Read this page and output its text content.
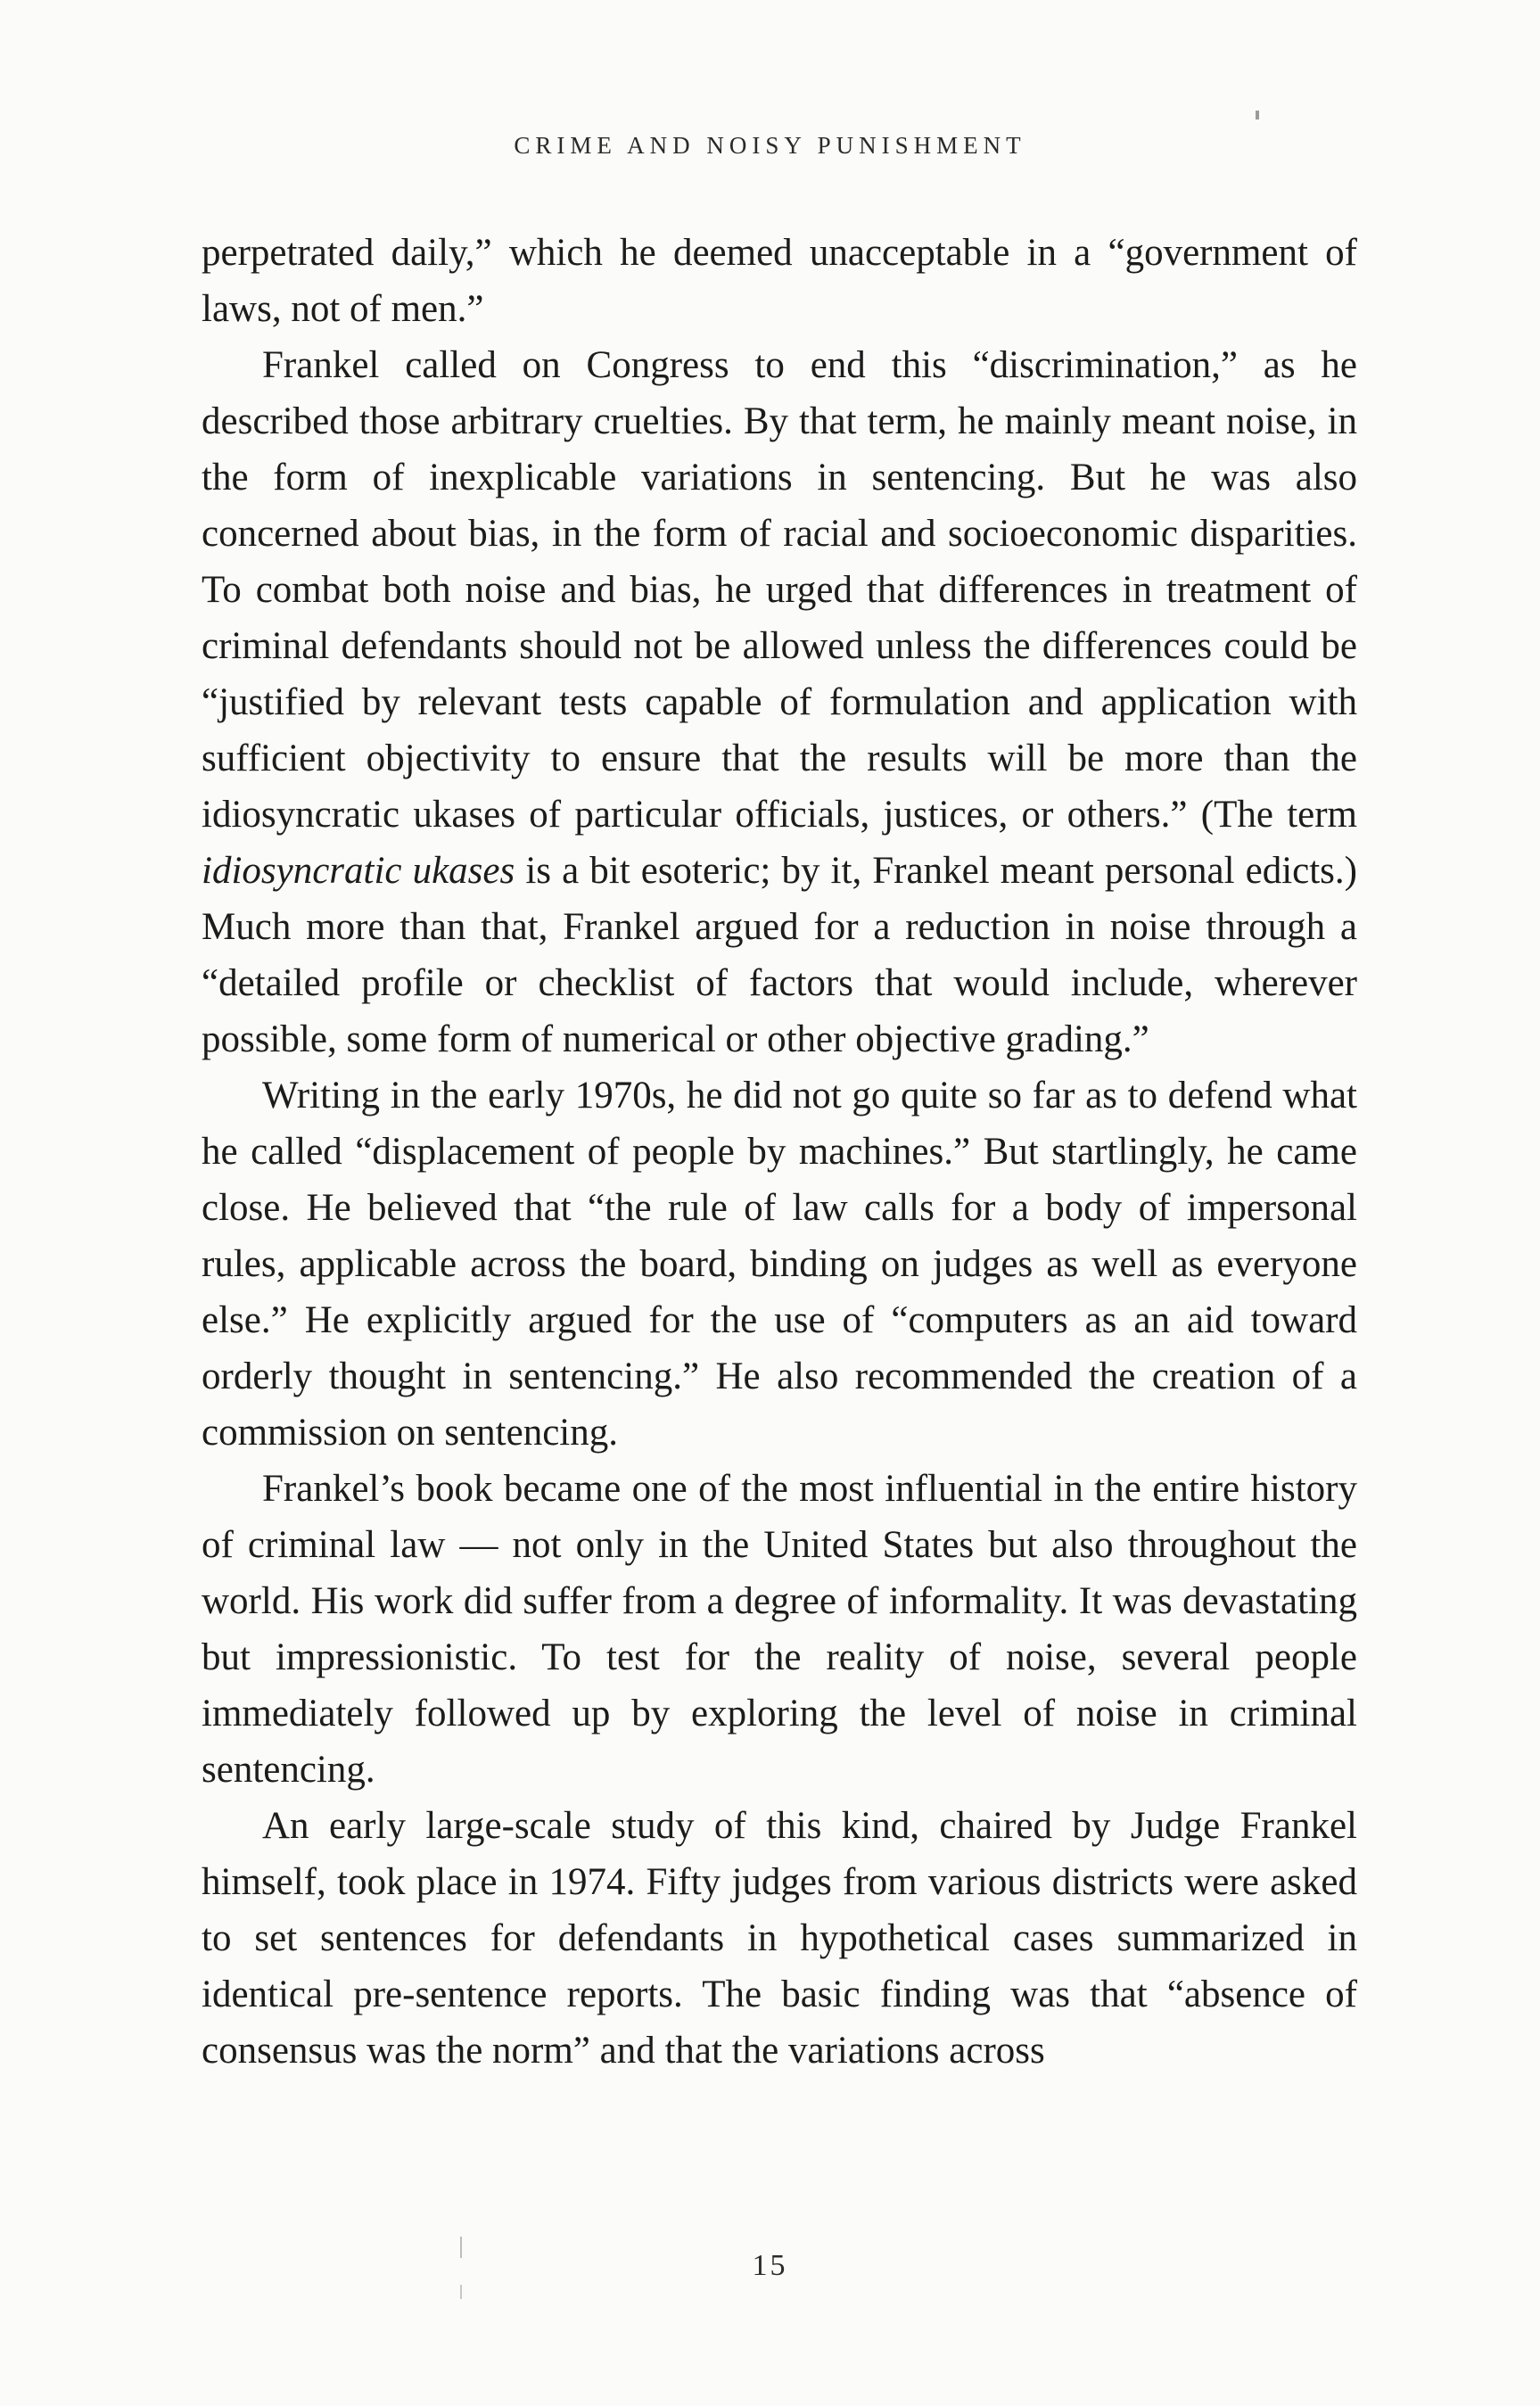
CRIME AND NOISY PUNISHMENT

perpetrated daily,” which he deemed unacceptable in a “government of laws, not of men.”

Frankel called on Congress to end this “discrimination,” as he described those arbitrary cruelties. By that term, he mainly meant noise, in the form of inexplicable variations in sentencing. But he was also concerned about bias, in the form of racial and socioeconomic disparities. To combat both noise and bias, he urged that differences in treatment of criminal defendants should not be allowed unless the differences could be “justified by relevant tests capable of formulation and application with sufficient objectivity to ensure that the results will be more than the idiosyncratic ukases of particular officials, justices, or others.” (The term idiosyncratic ukases is a bit esoteric; by it, Frankel meant personal edicts.) Much more than that, Frankel argued for a reduction in noise through a “detailed profile or checklist of factors that would include, wherever possible, some form of numerical or other objective grading.”

Writing in the early 1970s, he did not go quite so far as to defend what he called “displacement of people by machines.” But startlingly, he came close. He believed that “the rule of law calls for a body of impersonal rules, applicable across the board, binding on judges as well as everyone else.” He explicitly argued for the use of “computers as an aid toward orderly thought in sentencing.” He also recommended the creation of a commission on sentencing.

Frankel’s book became one of the most influential in the entire history of criminal law — not only in the United States but also throughout the world. His work did suffer from a degree of informality. It was devastating but impressionistic. To test for the reality of noise, several people immediately followed up by exploring the level of noise in criminal sentencing.

An early large-scale study of this kind, chaired by Judge Frankel himself, took place in 1974. Fifty judges from various districts were asked to set sentences for defendants in hypothetical cases summarized in identical pre-sentence reports. The basic finding was that “absence of consensus was the norm” and that the variations across

15
